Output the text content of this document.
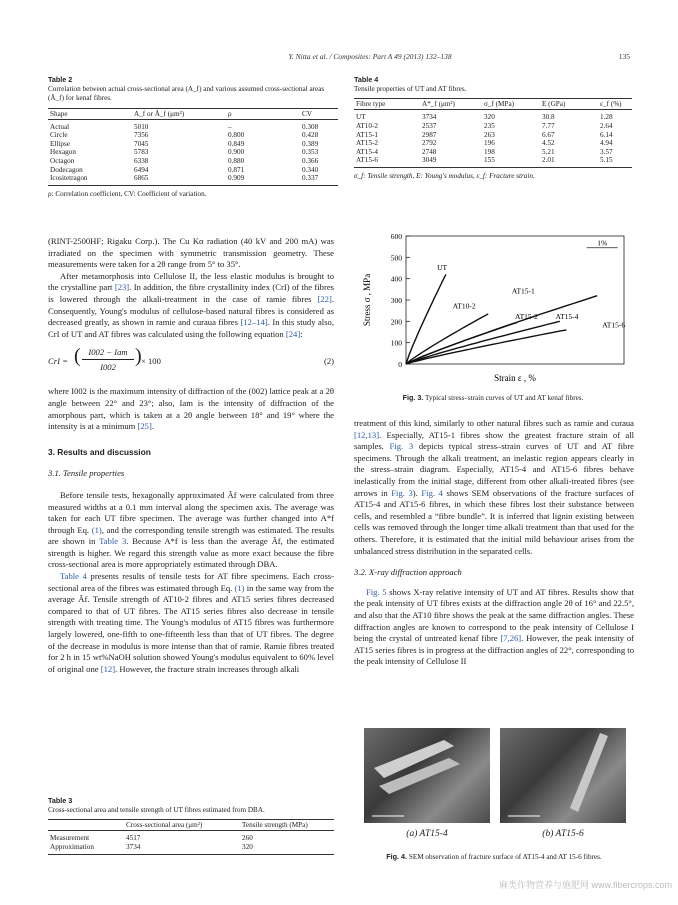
Y. Nitta et al. / Composites: Part A 49 (2013) 132–138	135
Table 2
Correlation between actual cross-sectional area (A_f) and various assumed cross-sectional areas (Ã_f) for kenaf fibres.
Shape	A_f or Ã_f (μm²)	ρ	CV
Actual	5010	–	0.308
Circle	7356	0.800	0.428
Ellipse	7045	0.849	0.389
Hexagon	5783	0.900	0.353
Octagon	6338	0.880	0.366
Dodecagon	6494	0.871	0.340
Icositetragon	6865	0.909	0.337
ρ: Correlation coefficient, CV: Coefficient of variation.
Table 4
Tensile properties of UT and AT fibres.
Fibre type	A*_f (μm²)	σ_f (MPa)	E (GPa)	ε_f (%)
UT	3734	320	30.8	1.28
AT10-2	2537	235	7.77	2.64
AT15-1	2987	263	6.67	6.14
AT15-2	2792	196	4.52	4.94
AT15-4	2748	198	5.21	3.57
AT15-6	3049	155	2.01	5.15
σ_f: Tensile strength, E: Young's modulus, ε_f: Fracture strain.

(RINT-2500HF; Rigaku Corp.). The Cu Kα radiation (40 kV and 200 mA) was irradiated on the specimen with symmetric transmission geometry. These measurements were taken for a 2θ range from 5° to 35°.

After metamorphosis into Cellulose II, the less elastic modulus is brought to the crystalline part [23]. In addition, the fibre crystallinity index (CrI) of the fibres is lowered through the alkali-treatment in the case of ramie fibres [22]. Consequently, Young's modulus of cellulose-based natural fibres is considered as decreased greatly, as shown in ramie and curaua fibres [12–14]. In this study also, CrI of UT and AT fibres was calculated using the following equation [24]:

CrI = ( I002 − Iam
I002 ) × 100	(2)

where I002 is the maximum intensity of diffraction of the (002) lattice peak at a 2θ angle between 22° and 23°; also, Iam is the intensity of diffraction of the amorphous part, which is taken at a 2θ angle between 18° and 19° where the intensity is at a minimum [25].

3. Results and discussion
3.1. Tensile properties

Before tensile tests, hexagonally approximated Ãf were calculated from three measured widths at a 0.1 mm interval along the specimen axis. The average was taken for each UT fibre specimen. The average was further changed into A*f through Eq. (1), and the corresponding tensile strength was estimated. The results are shown in Table 3. Because A*f is less than the average Ãf, the estimated strength is higher. We regard this strength value as more exact because the fibre cross-sectional area is more appropriately estimated through DBA.

Table 4 presents results of tensile tests for AT fibre specimens. Each cross-sectional area of the fibres was estimated through Eq. (1) in the same way from the average Ãf. Tensile strength of AT10-2 fibres and AT15 series fibres decreased compared to that of UT fibres. The AT15 series fibres also decrease in tensile strength with treating time. The Young's modulus of AT15 fibres was furthermore largely lowered, one-fifth to one-fifteenth less than that of UT fibres. The degree of the decrease in modulus is more intense than that of ramie. Ramie fibres treated for 2 h in 15 wt%NaOH solution showed Young's modulus equivalent to 60% level of original one [12]. However, the fracture strain increases through alkali

Table 3
Cross-sectional area and tensile strength of UT fibres estimated from DBA.
	Cross-sectional area (μm²)	Tensile strength (MPa)
Measurement	4517	260
Approximation	3734	320
0
100
200
300
400
500
600
Stress σ , MPa
Strain ε , %
1%
UT
AT10-2
AT15-1
AT15-2 AT15-4
AT15-6
Fig. 3. Typical stress–strain curves of UT and AT kenaf fibres.

treatment of this kind, similarly to other natural fibres such as ramie and curaua [12,13]. Especially, AT15-1 fibres show the greatest fracture strain of all samples. Fig. 3 depicts typical stress–strain curves of UT and AT fibre specimens. Through the alkali treatment, an inelastic region appears clearly in the stress–strain diagram. Especially, AT15-4 and AT15-6 fibres behave inelastically from the initial stage, different from other alkali-treated fibres (see arrows in Fig. 3). Fig. 4 shows SEM observations of the fracture surfaces of AT15-4 and AT15-6 fibres, in which these fibres lost their substance between cells, and resembled a “fibre bundle”. It is inferred that lignin existing between cells was removed through the longer time alkali treatment than that used for the others. Therefore, it is estimated that the initial mild behaviour arises from the unbalanced stress distribution in the separated cells.

3.2. X-ray diffraction approach

Fig. 5 shows X-ray relative intensity of UT and AT fibres. Results show that the peak intensity of UT fibres exists at the diffraction angle 2θ of 16° and 22.5°, and also that the AT10 fibre shows the peak at the same diffraction angles. These diffraction angles are known to correspond to the peak intensity of Cellulose I being the crystal of untreated kenaf fibre [7,26]. However, the peak intensity of AT15 series fibres is in progress at the diffraction angles of 22°, corresponding to the peak intensity of Cellulose II

(a) AT15-4	(b) AT15-6
Fig. 4. SEM observation of fracture surface of AT15-4 and AT 15-6 fibres.
麻类作物营养与施肥网 www.fibercrops.com
